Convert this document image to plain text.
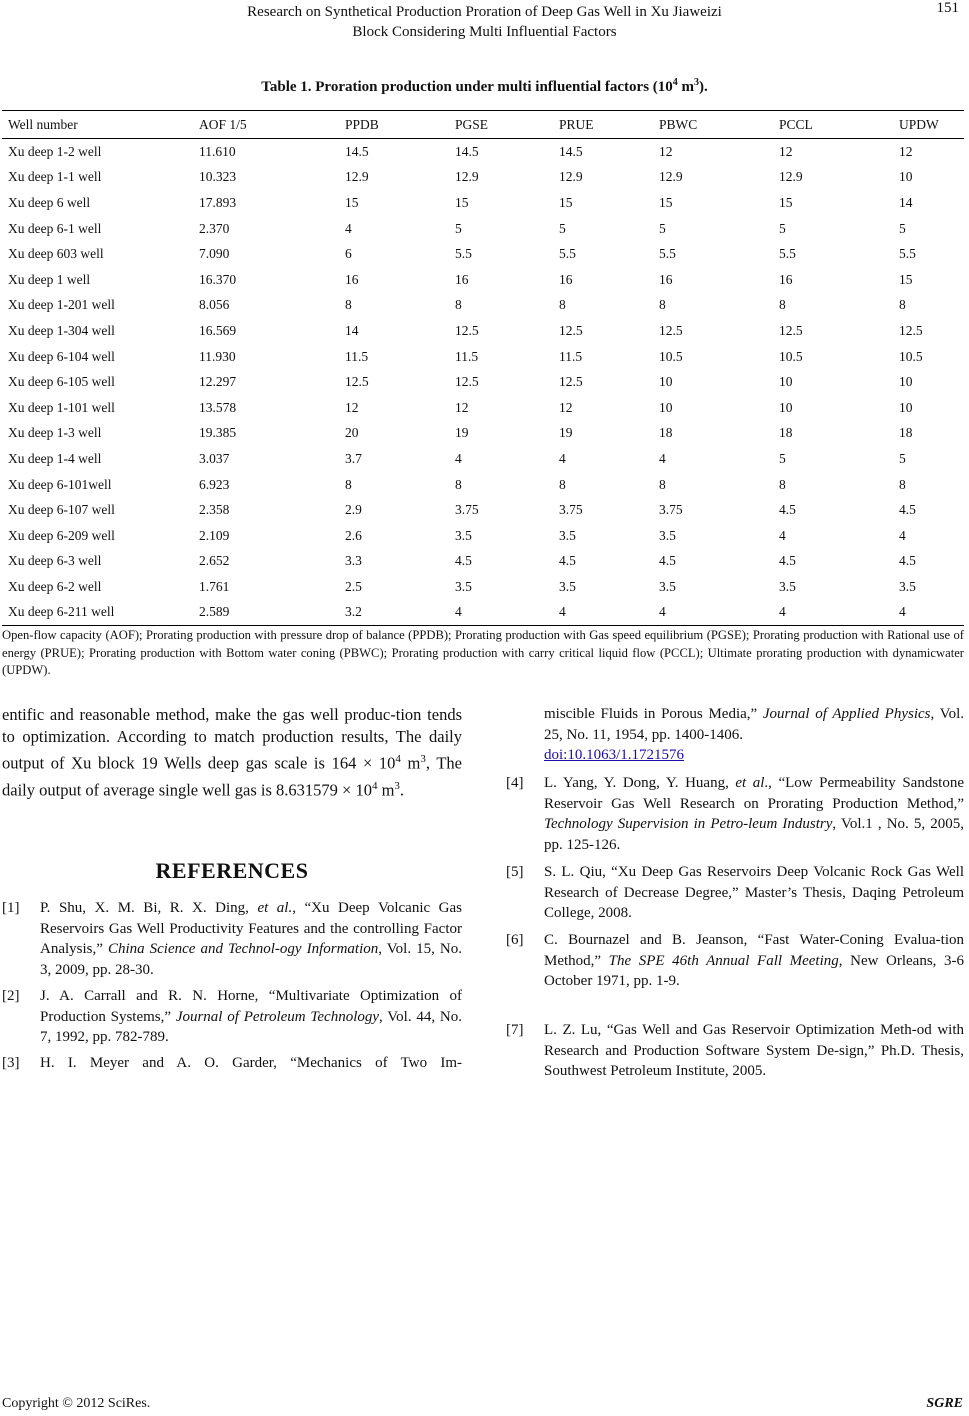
Research on Synthetical Production Proration of Deep Gas Well in Xu Jiaweizi
Block Considering Multi Influential Factors
151
Table 1. Proration production under multi influential factors ($10^4$ $m^3$).
Well number	AOF 1/5	PPDB	PGSE	PRUE	PBWC	PCCL	UPDW
Xu deep 1-2 well	11.610	14.5	14.5	14.5	12	12	12
Xu deep 1-1 well	10.323	12.9	12.9	12.9	12.9	12.9	10
Xu deep 6 well	17.893	15	15	15	15	15	14
Xu deep 6-1 well	2.370	4	5	5	5	5	5
Xu deep 603 well	7.090	6	5.5	5.5	5.5	5.5	5.5
Xu deep 1 well	16.370	16	16	16	16	16	15
Xu deep 1-201 well	8.056	8	8	8	8	8	8
Xu deep 1-304 well	16.569	14	12.5	12.5	12.5	12.5	12.5
Xu deep 6-104 well	11.930	11.5	11.5	11.5	10.5	10.5	10.5
Xu deep 6-105 well	12.297	12.5	12.5	12.5	10	10	10
Xu deep 1-101 well	13.578	12	12	12	10	10	10
Xu deep 1-3 well	19.385	20	19	19	18	18	18
Xu deep 1-4 well	3.037	3.7	4	4	4	5	5
Xu deep 6-101well	6.923	8	8	8	8	8	8
Xu deep 6-107 well	2.358	2.9	3.75	3.75	3.75	4.5	4.5
Xu deep 6-209 well	2.109	2.6	3.5	3.5	3.5	4	4
Xu deep 6-3 well	2.652	3.3	4.5	4.5	4.5	4.5	4.5
Xu deep 6-2 well	1.761	2.5	3.5	3.5	3.5	3.5	3.5
Xu deep 6-211 well	2.589	3.2	4	4	4	4	4
Open-flow capacity (AOF); Prorating production with pressure drop of balance (PPDB); Prorating production with Gas speed equilibrium (PGSE); Prorating production with Rational use of energy (PRUE); Prorating production with Bottom water coning (PBWC); Prorating production with carry critical liquid flow (PCCL); Ultimate prorating production with dynamicwater (UPDW).
entific and reasonable method, make the gas well produc-tion tends to optimization. According to match production results, The daily output of Xu block 19 Wells deep gas scale is $164 \times 10^4$ $m^3$, The daily output of average single well gas is $8.631579 \times 10^4$ $m^3$.
REFERENCES
[1] P. Shu, X. M. Bi, R. X. Ding, et al., “Xu Deep Volcanic Gas Reservoirs Gas Well Productivity Features and the controlling Factor Analysis,” China Science and Technol-ogy Information, Vol. 15, No. 3, 2009, pp. 28-30.
[2] J. A. Carrall and R. N. Horne, “Multivariate Optimization of Production Systems,” Journal of Petroleum Technology, Vol. 44, No. 7, 1992, pp. 782-789.
[3] H. I. Meyer and A. O. Garder, “Mechanics of Two Im-
miscible Fluids in Porous Media,” Journal of Applied Physics, Vol. 25, No. 11, 1954, pp. 1400-1406.
doi:10.1063/1.1721576
[4] L. Yang, Y. Dong, Y. Huang, et al., “Low Permeability Sandstone Reservoir Gas Well Research on Prorating Production Method,” Technology Supervision in Petro-leum Industry, Vol.1 , No. 5, 2005, pp. 125-126.
[5] S. L. Qiu, “Xu Deep Gas Reservoirs Deep Volcanic Rock Gas Well Research of Decrease Degree,” Master’s Thesis, Daqing Petroleum College, 2008.
[6] C. Bournazel and B. Jeanson, “Fast Water-Coning Evalua-tion Method,” The SPE 46th Annual Fall Meeting, New Orleans, 3-6 October 1971, pp. 1-9.
[7] L. Z. Lu, “Gas Well and Gas Reservoir Optimization Meth-od with Research and Production Software System De-sign,” Ph.D. Thesis, Southwest Petroleum Institute, 2005.
Copyright © 2012 SciRes.	SGRE
